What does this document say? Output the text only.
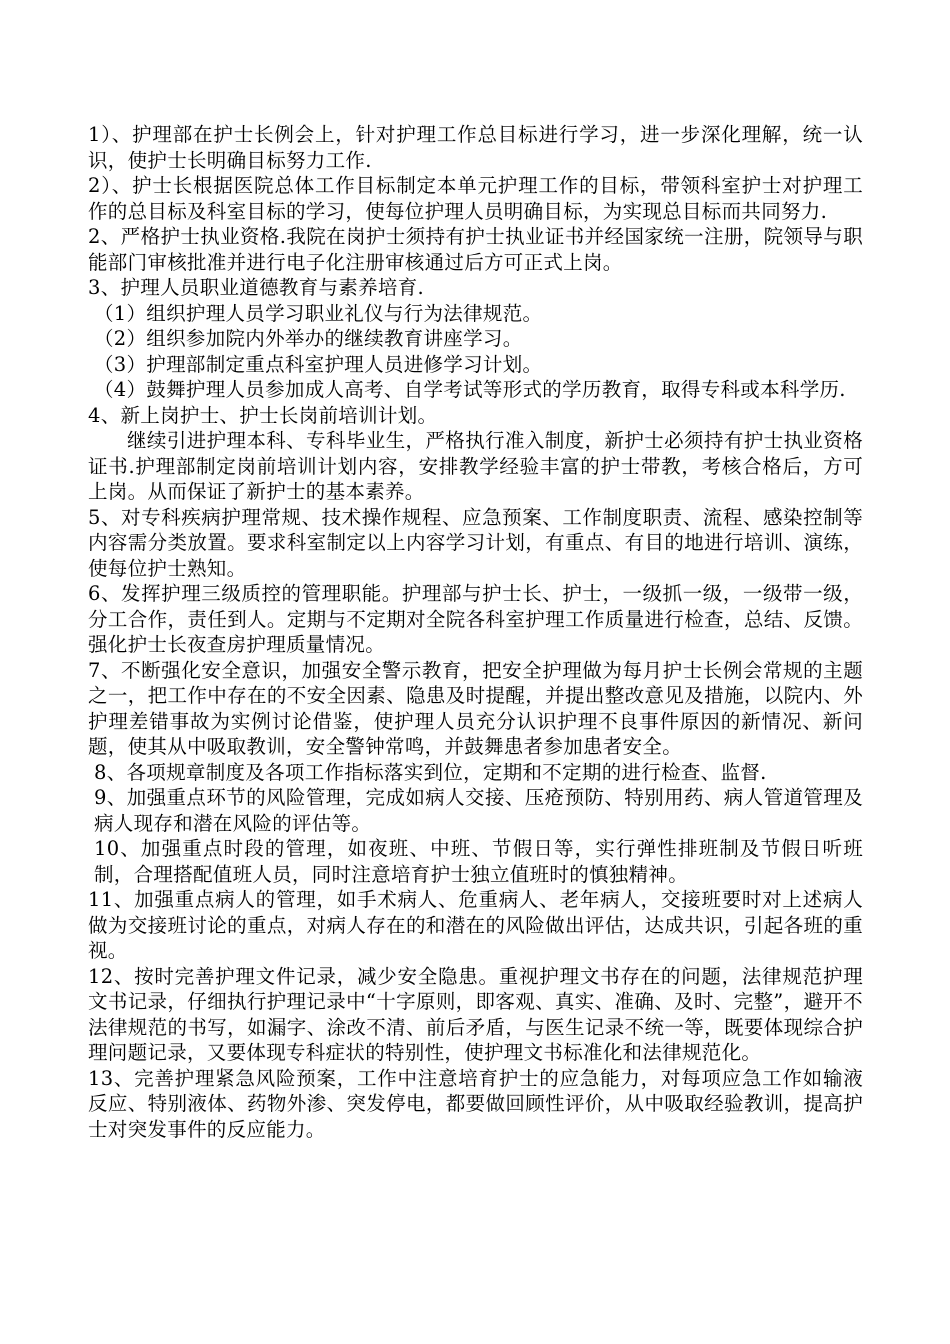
1）、护理部在护士长例会上，针对护理工作总目标进行学习，进一步深化理解，统一认识，使护士长明确目标努力工作.

2）、护士长根据医院总体工作目标制定本单元护理工作的目标，带领科室护士对护理工作的总目标及科室目标的学习，使每位护理人员明确目标，为实现总目标而共同努力.

2、严格护士执业资格.我院在岗护士须持有护士执业证书并经国家统一注册，院领导与职能部门审核批准并进行电子化注册审核通过后方可正式上岗。

3、护理人员职业道德教育与素养培育.

（1）组织护理人员学习职业礼仪与行为法律规范。

（2）组织参加院内外举办的继续教育讲座学习。

（3）护理部制定重点科室护理人员进修学习计划。

（4）鼓舞护理人员参加成人高考、自学考试等形式的学历教育，取得专科或本科学历.

4、新上岗护士、护士长岗前培训计划。

继续引进护理本科、专科毕业生，严格执行准入制度，新护士必须持有护士执业资格证书.护理部制定岗前培训计划内容，安排教学经验丰富的护士带教，考核合格后，方可上岗。从而保证了新护士的基本素养。

5、对专科疾病护理常规、技术操作规程、应急预案、工作制度职责、流程、感染控制等内容需分类放置。要求科室制定以上内容学习计划，有重点、有目的地进行培训、演练，使每位护士熟知。

6、发挥护理三级质控的管理职能。护理部与护士长、护士，一级抓一级，一级带一级，分工合作，责任到人。定期与不定期对全院各科室护理工作质量进行检查，总结、反馈。强化护士长夜查房护理质量情况。

7、不断强化安全意识，加强安全警示教育，把安全护理做为每月护士长例会常规的主题之一，把工作中存在的不安全因素、隐患及时提醒，并提出整改意见及措施，以院内、外护理差错事故为实例讨论借鉴，使护理人员充分认识护理不良事件原因的新情况、新问题，使其从中吸取教训，安全警钟常鸣，并鼓舞患者参加患者安全。

8、各项规章制度及各项工作指标落实到位，定期和不定期的进行检查、监督.

9、加强重点环节的风险管理，完成如病人交接、压疮预防、特别用药、病人管道管理及病人现存和潜在风险的评估等。

10、加强重点时段的管理，如夜班、中班、节假日等，实行弹性排班制及节假日听班制，合理搭配值班人员，同时注意培育护士独立值班时的慎独精神。

11、加强重点病人的管理，如手术病人、危重病人、老年病人，交接班要时对上述病人做为交接班讨论的重点，对病人存在的和潜在的风险做出评估，达成共识，引起各班的重视。

12、按时完善护理文件记录，减少安全隐患。重视护理文书存在的问题，法律规范护理文书记录，仔细执行护理记录中“十字原则，即客观、真实、准确、及时、完整”，避开不法律规范的书写，如漏字、涂改不清、前后矛盾，与医生记录不统一等，既要体现综合护理问题记录，又要体现专科症状的特别性，使护理文书标准化和法律规范化。

13、完善护理紧急风险预案，工作中注意培育护士的应急能力，对每项应急工作如输液反应、特别液体、药物外渗、突发停电，都要做回顾性评价，从中吸取经验教训，提高护士对突发事件的反应能力。
